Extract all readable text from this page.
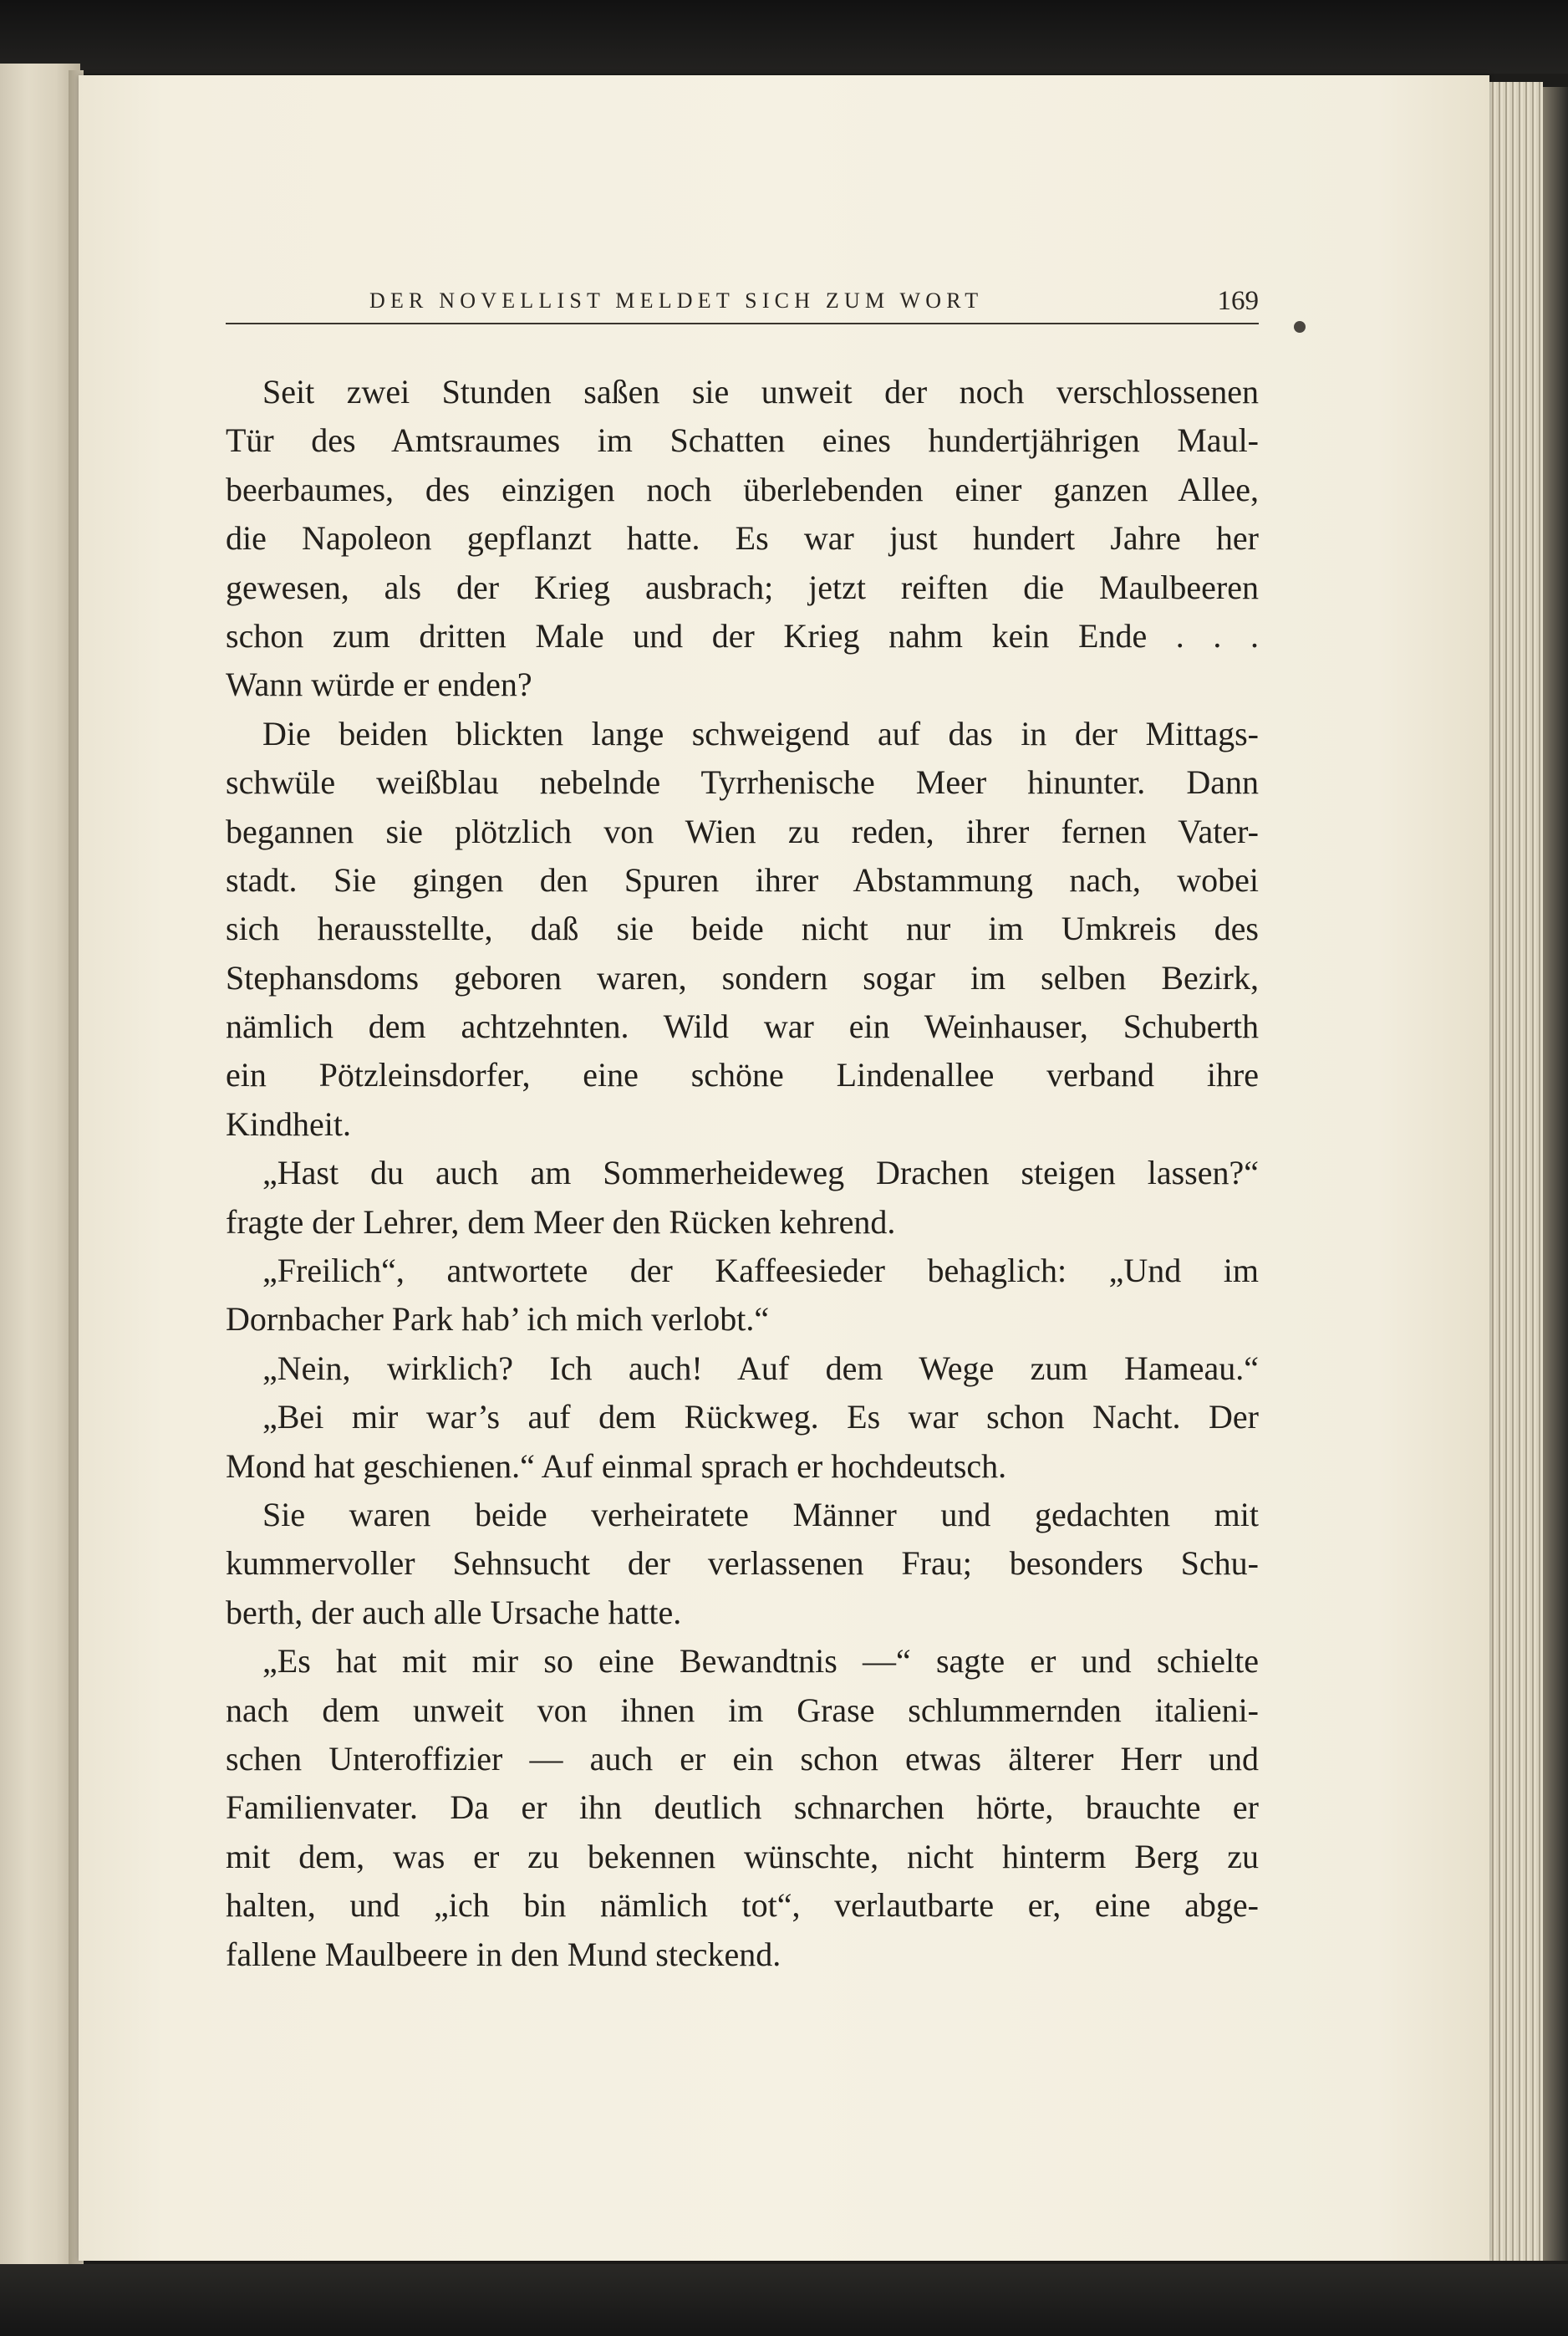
DER NOVELLIST MELDET SICH ZUM WORT	169
Seit zwei Stunden saßen sie unweit der noch verschlossenen
Tür des Amtsraumes im Schatten eines hundertjährigen Maul-
beerbaumes, des einzigen noch überlebenden einer ganzen Allee,
die Napoleon gepflanzt hatte. Es war just hundert Jahre her
gewesen, als der Krieg ausbrach; jetzt reiften die Maulbeeren
schon zum dritten Male und der Krieg nahm kein Ende . . .
Wann würde er enden?
Die beiden blickten lange schweigend auf das in der Mittags-
schwüle weißblau nebelnde Tyrrhenische Meer hinunter. Dann
begannen sie plötzlich von Wien zu reden, ihrer fernen Vater-
stadt. Sie gingen den Spuren ihrer Abstammung nach, wobei
sich herausstellte, daß sie beide nicht nur im Umkreis des
Stephansdoms geboren waren, sondern sogar im selben Bezirk,
nämlich dem achtzehnten. Wild war ein Weinhauser, Schuberth
ein Pötzleinsdorfer, eine schöne Lindenallee verband ihre
Kindheit.
„Hast du auch am Sommerheideweg Drachen steigen lassen?“
fragte der Lehrer, dem Meer den Rücken kehrend.
„Freilich“, antwortete der Kaffeesieder behaglich: „Und im
Dornbacher Park hab’ ich mich verlobt.“
„Nein, wirklich? Ich auch! Auf dem Wege zum Hameau.“
„Bei mir war’s auf dem Rückweg. Es war schon Nacht. Der
Mond hat geschienen.“ Auf einmal sprach er hochdeutsch.
Sie waren beide verheiratete Männer und gedachten mit
kummervoller Sehnsucht der verlassenen Frau; besonders Schu-
berth, der auch alle Ursache hatte.
„Es hat mit mir so eine Bewandtnis —“ sagte er und schielte
nach dem unweit von ihnen im Grase schlummernden italieni-
schen Unteroffizier — auch er ein schon etwas älterer Herr und
Familienvater. Da er ihn deutlich schnarchen hörte, brauchte er
mit dem, was er zu bekennen wünschte, nicht hinterm Berg zu
halten, und „ich bin nämlich tot“, verlautbarte er, eine abge-
fallene Maulbeere in den Mund steckend.
